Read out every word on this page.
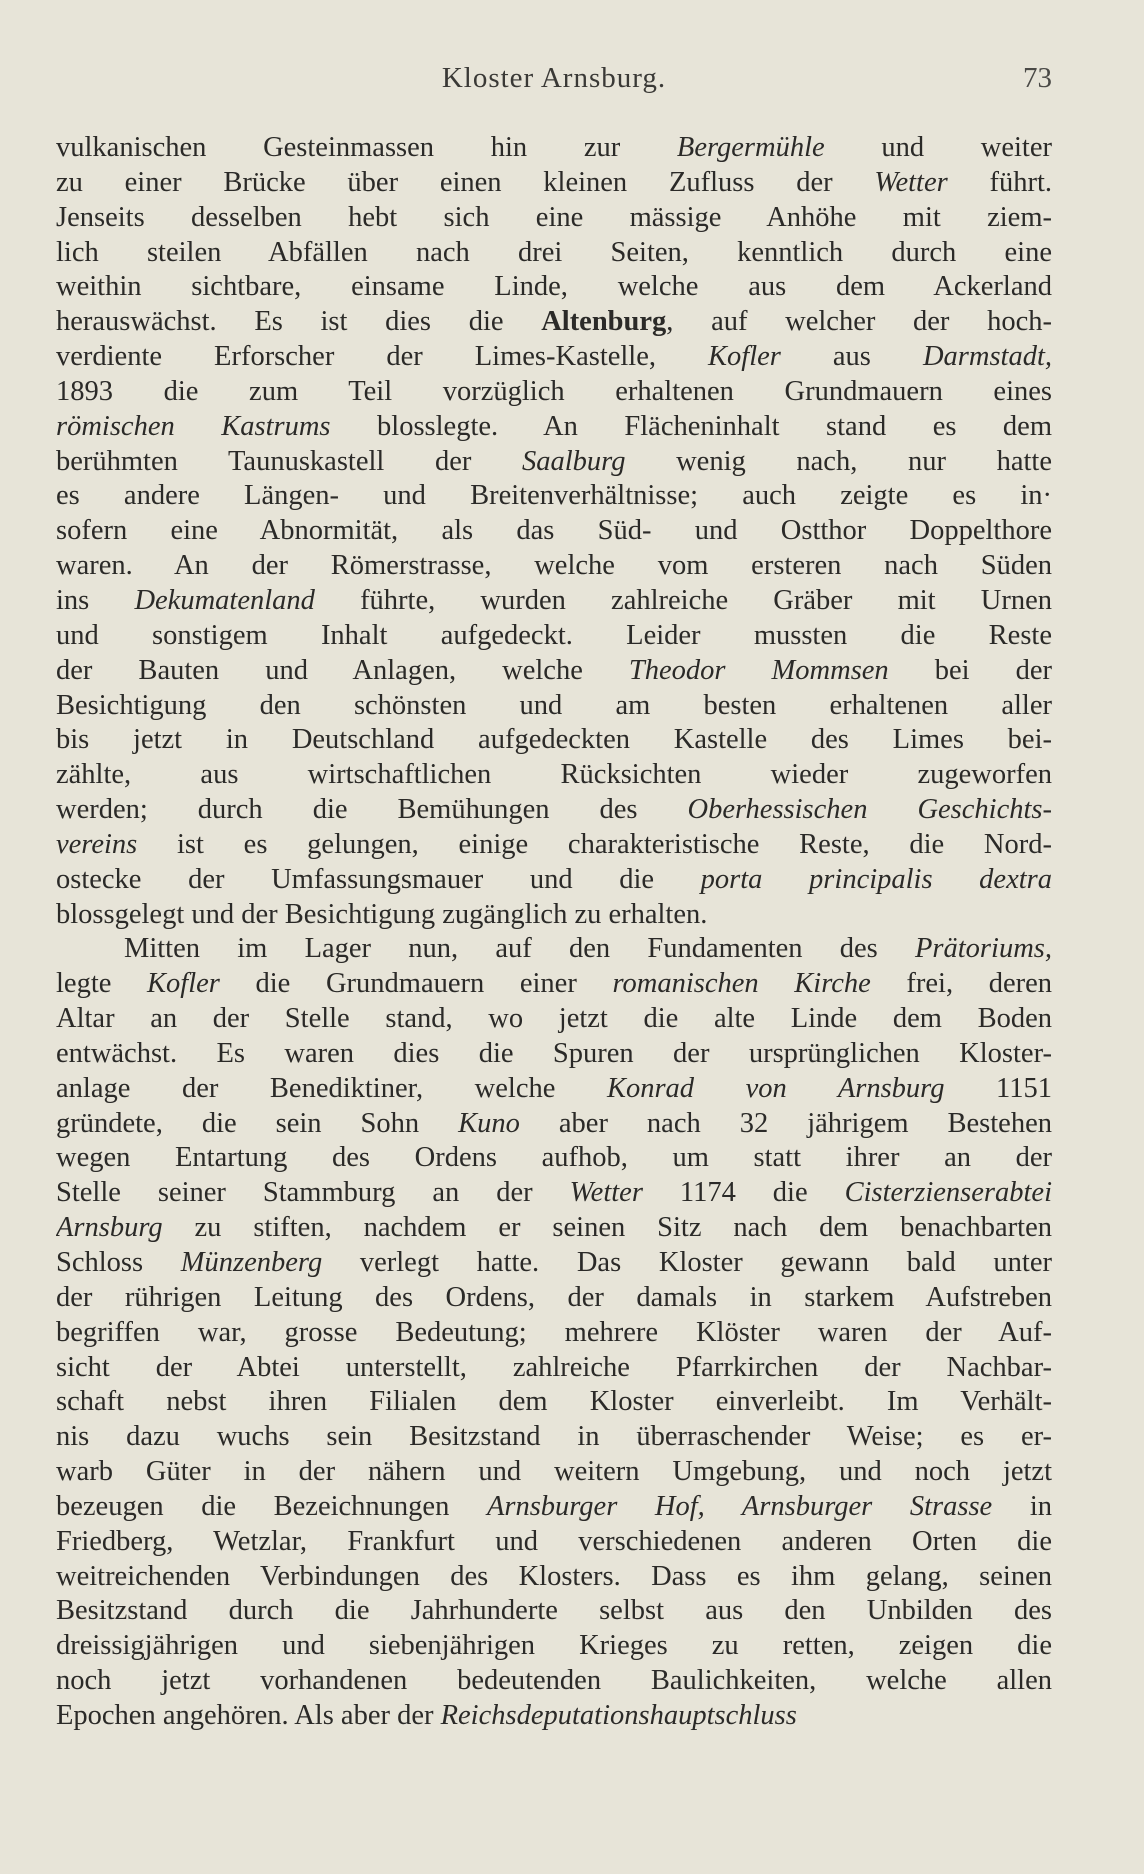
Kloster Arnsburg.	73
vulkanischen Gesteinmassen hin zur Bergermühle und weiter
zu einer Brücke über einen kleinen Zufluss der Wetter führt.
Jenseits desselben hebt sich eine mässige Anhöhe mit ziem-
lich steilen Abfällen nach drei Seiten, kenntlich durch eine
weithin sichtbare, einsame Linde, welche aus dem Ackerland
herauswächst. Es ist dies die Altenburg, auf welcher der hoch-
verdiente Erforscher der Limes-Kastelle, Kofler aus Darmstadt,
1893 die zum Teil vorzüglich erhaltenen Grundmauern eines
römischen Kastrums blosslegte. An Flächeninhalt stand es dem
berühmten Taunuskastell der Saalburg wenig nach, nur hatte
es andere Längen- und Breitenverhältnisse; auch zeigte es in·
sofern eine Abnormität, als das Süd- und Ostthor Doppelthore
waren. An der Römerstrasse, welche vom ersteren nach Süden
ins Dekumatenland führte, wurden zahlreiche Gräber mit Urnen
und sonstigem Inhalt aufgedeckt. Leider mussten die Reste
der Bauten und Anlagen, welche Theodor Mommsen bei der
Besichtigung den schönsten und am besten erhaltenen aller
bis jetzt in Deutschland aufgedeckten Kastelle des Limes bei-
zählte, aus wirtschaftlichen Rücksichten wieder zugeworfen
werden; durch die Bemühungen des Oberhessischen Geschichts-
vereins ist es gelungen, einige charakteristische Reste, die Nord-
ostecke der Umfassungsmauer und die porta principalis dextra
blossgelegt und der Besichtigung zugänglich zu erhalten.
Mitten im Lager nun, auf den Fundamenten des Prätoriums,
legte Kofler die Grundmauern einer romanischen Kirche frei, deren
Altar an der Stelle stand, wo jetzt die alte Linde dem Boden
entwächst. Es waren dies die Spuren der ursprünglichen Kloster-
anlage der Benediktiner, welche Konrad von Arnsburg 1151
gründete, die sein Sohn Kuno aber nach 32 jährigem Bestehen
wegen Entartung des Ordens aufhob, um statt ihrer an der
Stelle seiner Stammburg an der Wetter 1174 die Cisterzienserabtei
Arnsburg zu stiften, nachdem er seinen Sitz nach dem benachbarten
Schloss Münzenberg verlegt hatte. Das Kloster gewann bald unter
der rührigen Leitung des Ordens, der damals in starkem Aufstreben
begriffen war, grosse Bedeutung; mehrere Klöster waren der Auf-
sicht der Abtei unterstellt, zahlreiche Pfarrkirchen der Nachbar-
schaft nebst ihren Filialen dem Kloster einverleibt. Im Verhält-
nis dazu wuchs sein Besitzstand in überraschender Weise; es er-
warb Güter in der nähern und weitern Umgebung, und noch jetzt
bezeugen die Bezeichnungen Arnsburger Hof, Arnsburger Strasse in
Friedberg, Wetzlar, Frankfurt und verschiedenen anderen Orten die
weitreichenden Verbindungen des Klosters. Dass es ihm gelang, seinen
Besitzstand durch die Jahrhunderte selbst aus den Unbilden des
dreissigjährigen und siebenjährigen Krieges zu retten, zeigen die
noch jetzt vorhandenen bedeutenden Baulichkeiten, welche allen
Epochen angehören. Als aber der Reichsdeputationshauptschluss
